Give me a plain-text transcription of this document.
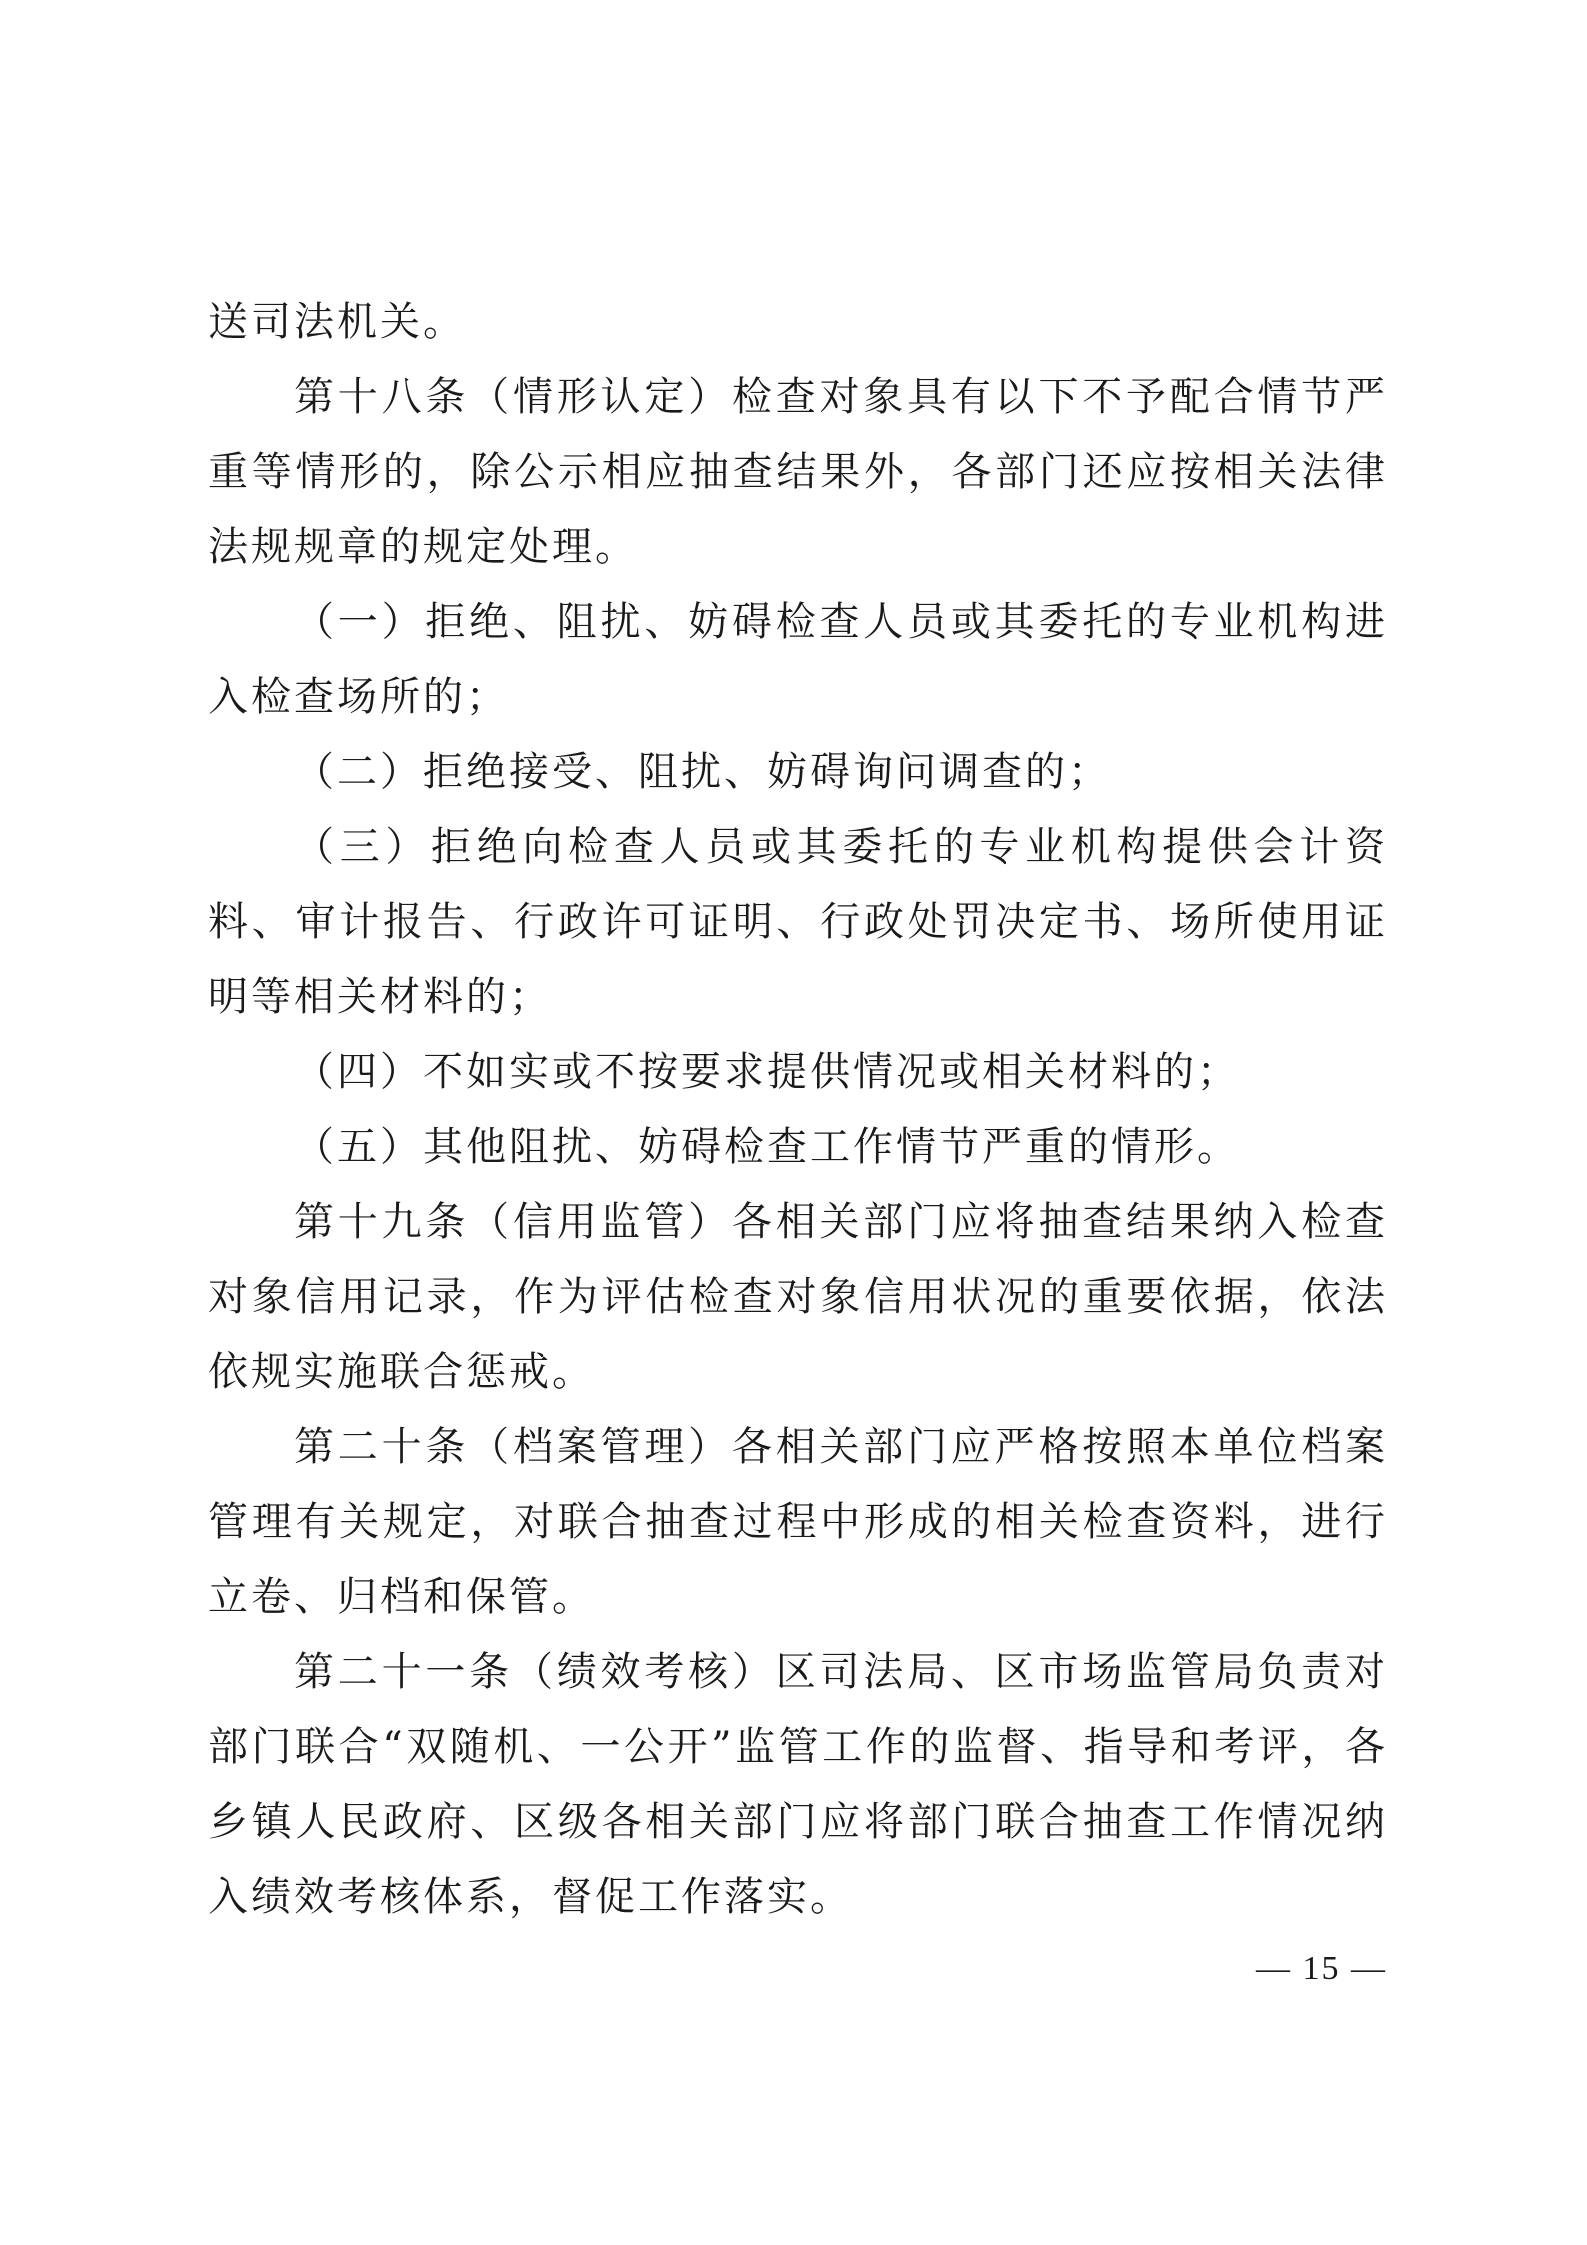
送司法机关。

第十八条（情形认定）检查对象具有以下不予配合情节严重等情形的，除公示相应抽查结果外，各部门还应按相关法律法规规章的规定处理。

（一）拒绝、阻扰、妨碍检查人员或其委托的专业机构进入检查场所的；

（二）拒绝接受、阻扰、妨碍询问调查的；

（三）拒绝向检查人员或其委托的专业机构提供会计资料、审计报告、行政许可证明、行政处罚决定书、场所使用证明等相关材料的；

（四）不如实或不按要求提供情况或相关材料的；

（五）其他阻扰、妨碍检查工作情节严重的情形。

第十九条（信用监管）各相关部门应将抽查结果纳入检查对象信用记录，作为评估检查对象信用状况的重要依据，依法依规实施联合惩戒。

第二十条（档案管理）各相关部门应严格按照本单位档案管理有关规定，对联合抽查过程中形成的相关检查资料，进行立卷、归档和保管。

第二十一条（绩效考核）区司法局、区市场监管局负责对部门联合“双随机、一公开”监管工作的监督、指导和考评，各乡镇人民政府、区级各相关部门应将部门联合抽查工作情况纳入绩效考核体系，督促工作落实。

— 15 —
